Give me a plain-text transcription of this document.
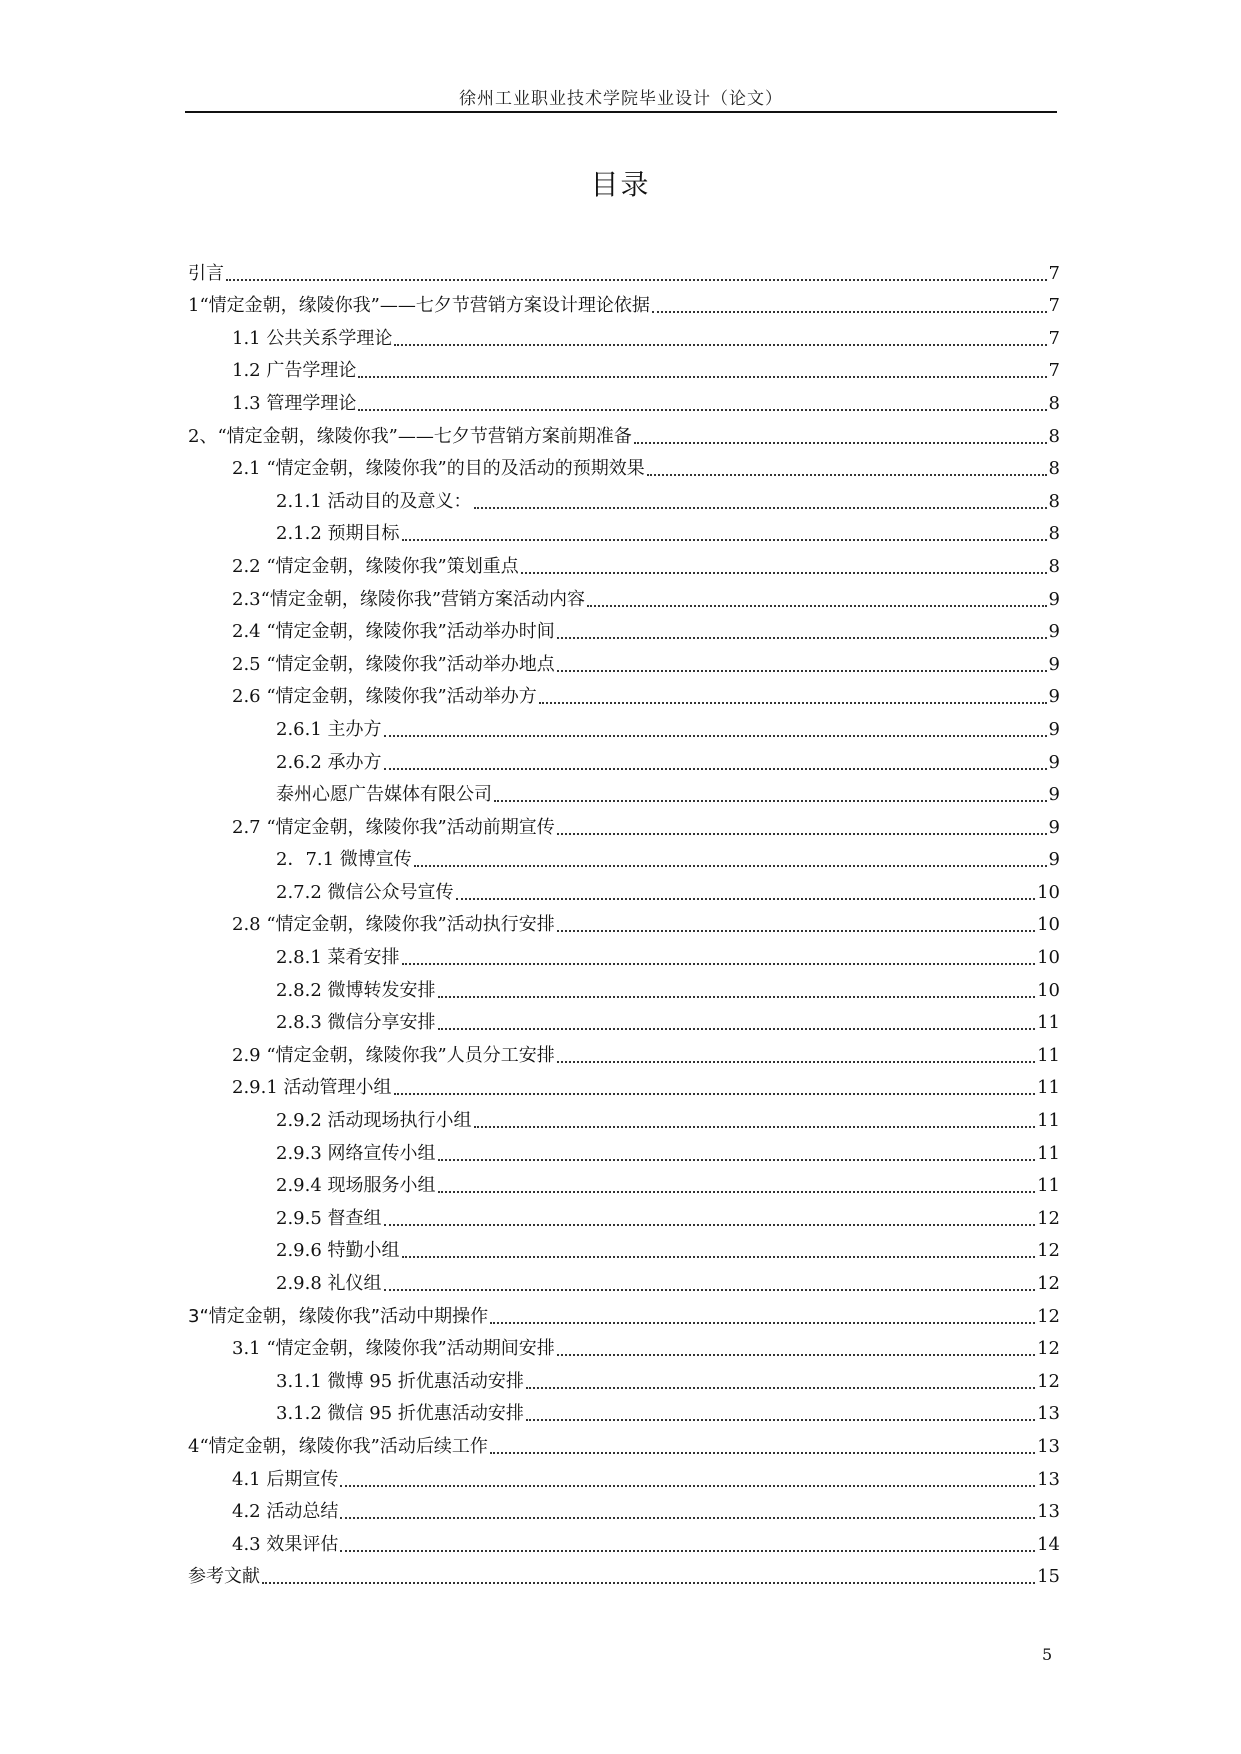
徐州工业职业技术学院毕业设计（论文）
目录
引言	7
1“情定金朝，缘陵你我”——七夕节营销方案设计理论依据	7
1.1 公共关系学理论	7
1.2 广告学理论	7
1.3 管理学理论	8
2、“情定金朝，缘陵你我”——七夕节营销方案前期准备	8
2.1 “情定金朝，缘陵你我”的目的及活动的预期效果	8
2.1.1 活动目的及意义：	8
2.1.2 预期目标	8
2.2 “情定金朝，缘陵你我”策划重点	8
2.3“情定金朝，缘陵你我”营销方案活动内容	9
2.4 “情定金朝，缘陵你我”活动举办时间	9
2.5 “情定金朝，缘陵你我”活动举办地点	9
2.6 “情定金朝，缘陵你我”活动举办方	9
2.6.1 主办方	9
2.6.2 承办方	9
泰州心愿广告媒体有限公司	9
2.7 “情定金朝，缘陵你我”活动前期宣传	9
2．7.1 微博宣传	9
2.7.2 微信公众号宣传	10
2.8 “情定金朝，缘陵你我”活动执行安排	10
2.8.1 菜肴安排	10
2.8.2 微博转发安排	10
2.8.3 微信分享安排	11
2.9 “情定金朝，缘陵你我”人员分工安排	11
2.9.1 活动管理小组	11
2.9.2 活动现场执行小组	11
2.9.3 网络宣传小组	11
2.9.4 现场服务小组	11
2.9.5 督查组	12
2.9.6 特勤小组	12
2.9.8 礼仪组	12
3“情定金朝，缘陵你我”活动中期操作	12
3.1 “情定金朝，缘陵你我”活动期间安排	12
3.1.1 微博 95 折优惠活动安排	12
3.1.2 微信 95 折优惠活动安排	13
4“情定金朝，缘陵你我”活动后续工作	13
4.1 后期宣传	13
4.2 活动总结	13
4.3 效果评估	14
参考文献	15
5
